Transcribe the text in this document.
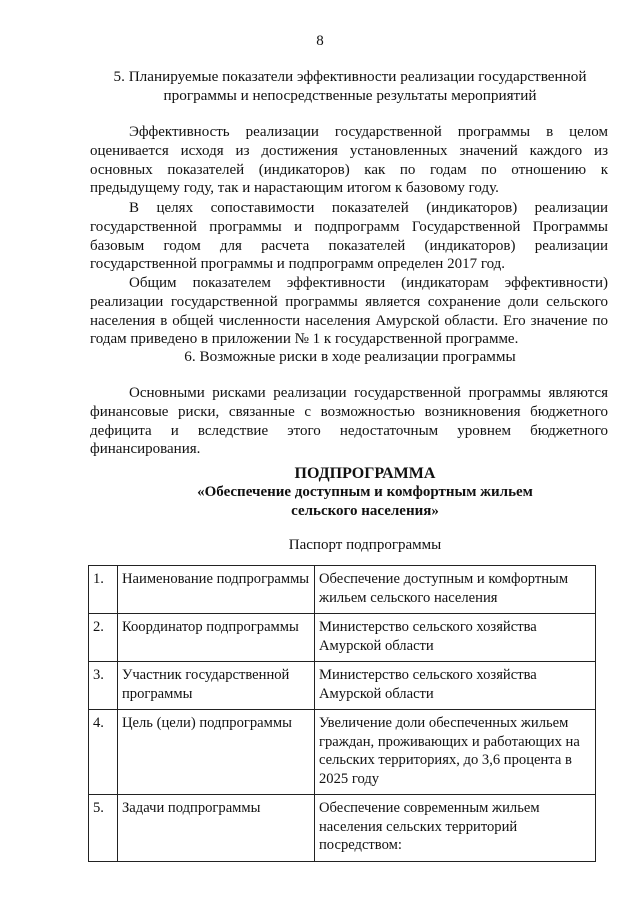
8
5. Планируемые показатели эффективности реализации государственной
программы и непосредственные результаты мероприятий

Эффективность реализации государственной программы в целом оценивается исходя из достижения установленных значений каждого из основных показателей (индикаторов) как по годам по отношению к предыдущему году, так и нарастающим итогом к базовому году.

В целях сопоставимости показателей (индикаторов) реализации государственной программы и подпрограмм Государственной Программы базовым годом для расчета показателей (индикаторов) реализации государственной программы и подпрограмм определен 2017 год.

Общим показателем эффективности (индикаторам эффективности) реализации государственной программы является сохранение доли сельского населения в общей численности населения Амурской области. Его значение по годам приведено в приложении № 1 к государственной программе.

6. Возможные риски в ходе реализации программы

Основными рисками реализации государственной программы являются финансовые риски, связанные с возможностью возникновения бюджетного дефицита и вследствие этого недостаточным уровнем бюджетного финансирования.

ПОДПРОГРАММА
«Обеспечение доступным и комфортным жильем
сельского населения»
Паспорт подпрограммы
1.	Наименование подпрограммы	Обеспечение доступным и комфортным жильем сельского населения
2.	Координатор подпрограммы	Министерство сельского хозяйства Амурской области
3.	Участник государственной программы	Министерство сельского хозяйства Амурской области
4.	Цель (цели) подпрограммы	Увеличение доли обеспеченных жильем граждан, проживающих и работающих на сельских территориях, до 3,6 процента в 2025 году
5.	Задачи подпрограммы	Обеспечение современным жильем населения сельских территорий посредством:
